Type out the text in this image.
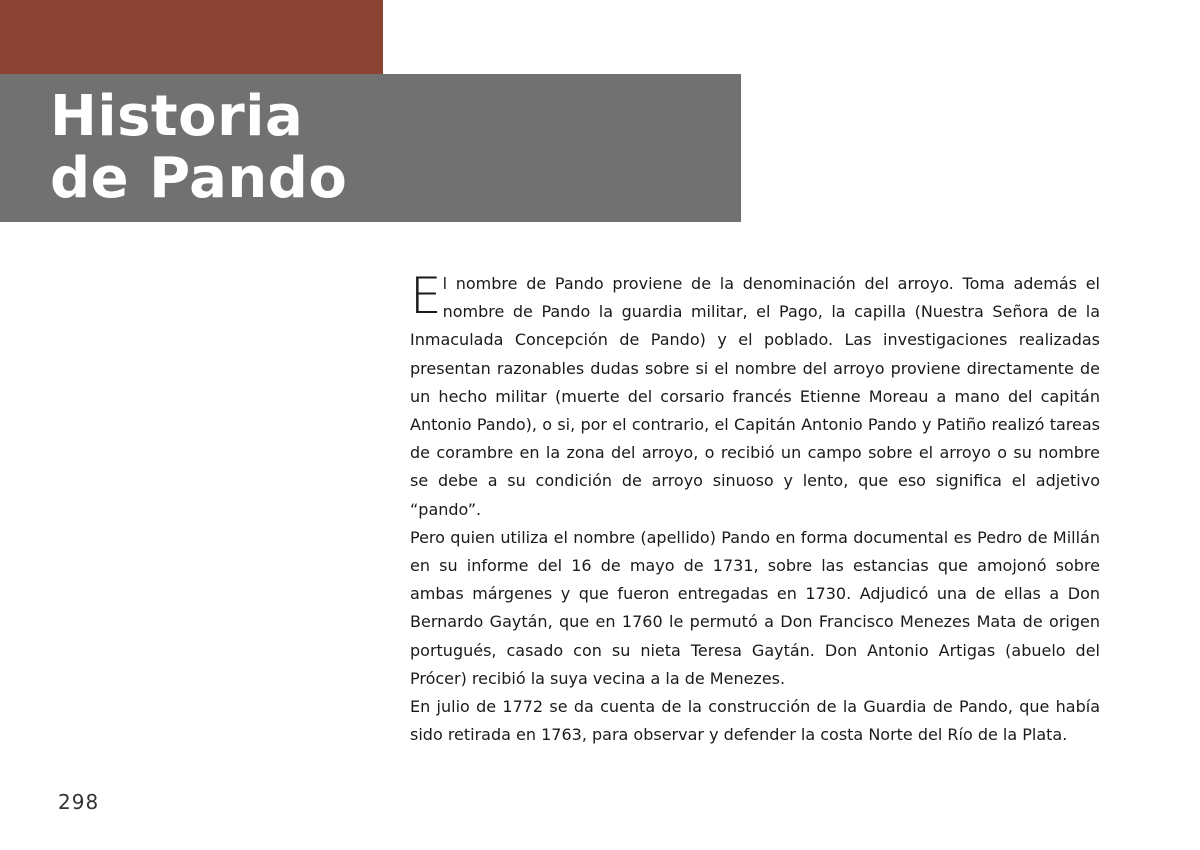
Historia
de Pando

El nombre de Pando proviene de la denominación del arroyo. Toma además el nombre de Pando la guardia militar, el Pago, la capilla (Nuestra Señora de la Inmaculada Concepción de Pando) y el poblado. Las investigaciones realizadas presentan razonables dudas sobre si el nombre del arroyo proviene directamente de un hecho militar (muerte del corsario francés Etienne Moreau a mano del capitán Antonio Pando), o si, por el contrario, el Capitán Antonio Pando y Patiño realizó tareas de corambre en la zona del arroyo, o recibió un campo sobre el arroyo o su nombre se debe a su condición de arroyo sinuoso y lento, que eso significa el adjetivo “pando”.

Pero quien utiliza el nombre (apellido) Pando en forma documental es Pedro de Millán en su informe del 16 de mayo de 1731, sobre las estancias que amojonó sobre ambas márgenes y que fueron entregadas en 1730. Adjudicó una de ellas a Don Bernardo Gaytán, que en 1760 le permutó a Don Francisco Menezes Mata de origen portugués, casado con su nieta Teresa Gaytán. Don Antonio Artigas (abuelo del Prócer) recibió la suya vecina a la de Menezes.

En julio de 1772 se da cuenta de la construcción de la Guardia de Pando, que había sido retirada en 1763, para observar y defender la costa Norte del Río de la Plata.

298
